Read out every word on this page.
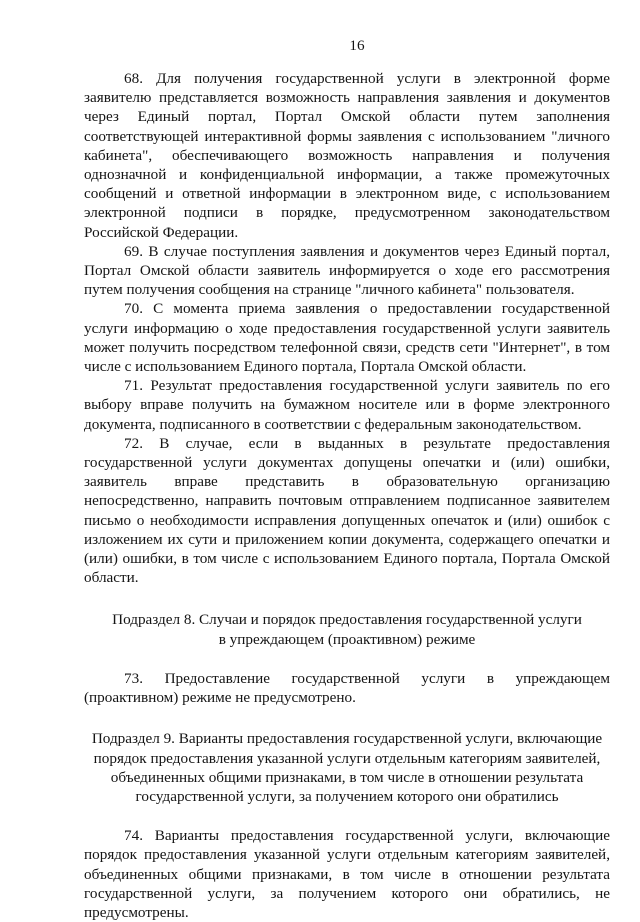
16

68. Для получения государственной услуги в электронной форме заявителю представляется возможность направления заявления и документов через Единый портал, Портал Омской области путем заполнения соответствующей интерактивной формы заявления с использованием "личного кабинета", обеспечивающего возможность направления и получения однозначной и конфиденциальной информации, а также промежуточных сообщений и ответной информации в электронном виде, с использованием электронной подписи в порядке, предусмотренном законодательством Российской Федерации.

69. В случае поступления заявления и документов через Единый портал, Портал Омской области заявитель информируется о ходе его рассмотрения путем получения сообщения на странице "личного кабинета" пользователя.

70. С момента приема заявления о предоставлении государственной услуги информацию о ходе предоставления государственной услуги заявитель может получить посредством телефонной связи, средств сети "Интернет", в том числе с использованием Единого портала, Портала Омской области.

71. Результат предоставления государственной услуги заявитель по его выбору вправе получить на бумажном носителе или в форме электронного документа, подписанного в соответствии с федеральным законодательством.

72. В случае, если в выданных в результате предоставления государственной услуги документах допущены опечатки и (или) ошибки, заявитель вправе представить в образовательную организацию непосредственно, направить почтовым отправлением подписанное заявителем письмо о необходимости исправления допущенных опечаток и (или) ошибок с изложением их сути и приложением копии документа, содержащего опечатки и (или) ошибки, в том числе с использованием Единого портала, Портала Омской области.

Подраздел 8. Случаи и порядок предоставления государственной услуги
в упреждающем (проактивном) режиме

73. Предоставление государственной услуги в упреждающем (проактивном) режиме не предусмотрено.

Подраздел 9. Варианты предоставления государственной услуги, включающие
порядок предоставления указанной услуги отдельным категориям заявителей,
объединенных общими признаками, в том числе в отношении результата
государственной услуги, за получением которого они обратились

74. Варианты предоставления государственной услуги, включающие порядок предоставления указанной услуги отдельным категориям заявителей, объединенных общими признаками, в том числе в отношении результата государственной услуги, за получением которого они обратились, не предусмотрены.
